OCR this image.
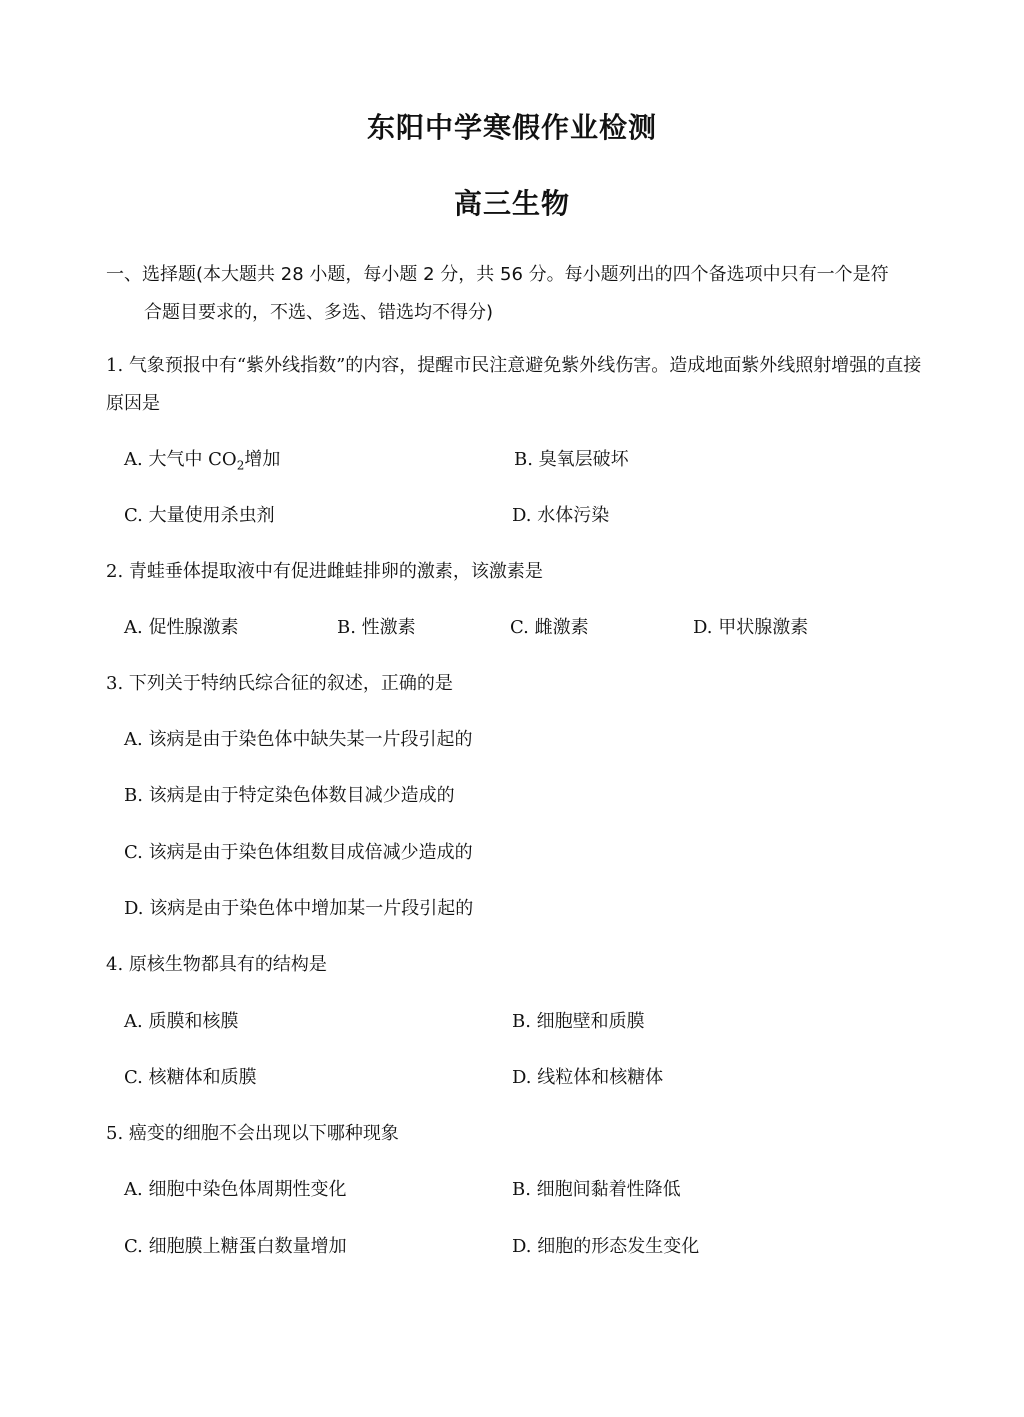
东阳中学寒假作业检测
高三生物
一、选择题(本大题共 28 小题，每小题 2 分，共 56 分。每小题列出的四个备选项中只有一个是符
合题目要求的，不选、多选、错选均不得分)
1. 气象预报中有“紫外线指数”的内容，提醒市民注意避免紫外线伤害。造成地面紫外线照射增强的直接原因是
A. 大气中 $CO_2$增加	B. 臭氧层破坏
C. 大量使用杀虫剂	D. 水体污染
2. 青蛙垂体提取液中有促进雌蛙排卵的激素，该激素是
A. 促性腺激素	B. 性激素	C. 雌激素	D. 甲状腺激素
3. 下列关于特纳氏综合征的叙述，正确的是
A. 该病是由于染色体中缺失某一片段引起的
B. 该病是由于特定染色体数目减少造成的
C. 该病是由于染色体组数目成倍减少造成的
D. 该病是由于染色体中增加某一片段引起的
4. 原核生物都具有的结构是
A. 质膜和核膜	B. 细胞壁和质膜
C. 核糖体和质膜	D. 线粒体和核糖体
5. 癌变的细胞不会出现以下哪种现象
A. 细胞中染色体周期性变化	B. 细胞间黏着性降低
C. 细胞膜上糖蛋白数量增加	D. 细胞的形态发生变化
